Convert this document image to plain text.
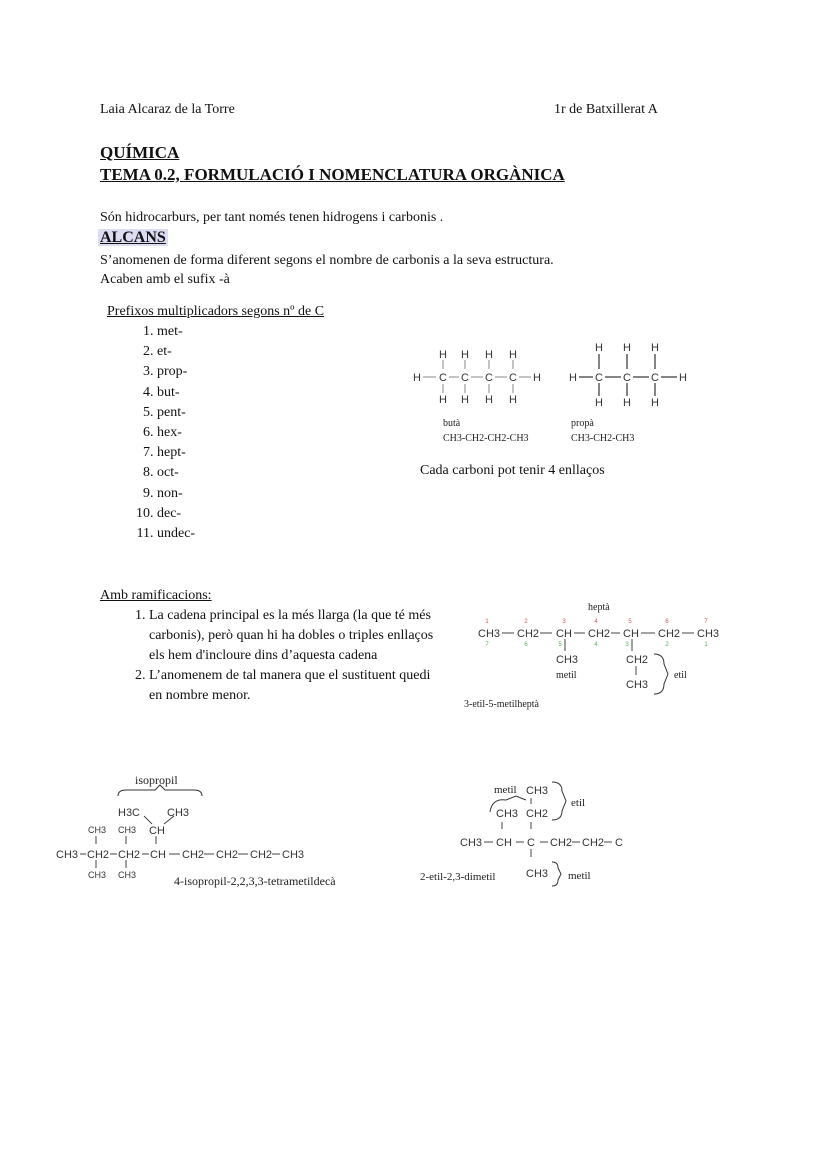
Laia Alcaraz de la Torre	1r de Batxillerat A
QUÍMICA
TEMA 0.2, FORMULACIÓ I NOMENCLATURA ORGÀNICA
Són hidrocarburs, per tant només tenen hidrogens i carbonis .
ALCANS
S’anomenen de forma diferent segons el nombre de carbonis a la seva estructura.
Acaben amb el sufix -à
Prefixos multiplicadors segons nº de C
1. met-
2. et-
3. prop-
4. but-
5. pent-
6. hex-
7. hept-
8. oct-
9. non-
10. dec-
11. undec-
H H H H
H C C C C H
H H H H
H H H
H C C C H
H H H
butà
CH3-CH2-CH2-CH3
propà
CH3-CH2-CH3
Cada carboni pot tenir 4 enllaços
Amb ramificacions:
1. La cadena principal es la més llarga (la que té més carbonis), però quan hi ha dobles o triples enllaços els hem d'incloure dins d’aquesta cadena
2. L’anomenem de tal manera que el sustituent quedi en nombre menor.
heptà
1	2	3	4	5	6	7
CH3 CH2 CH CH2 CH CH2 CH3
7	6	5	4	3	2	1
CH3	CH2
CH3
metil	etil
3-etil-5-metilheptà
isopropil
H3C CH3
CH
CH3 CH3
CH3 CH3
CH3 CH2 CH2 CH CH2 CH2 CH2 CH3
4-isopropil-2,2,3,3-tetrametildecà
metil CH3
CH3 CH2
etil
CH3 CH C CH2 CH2 C
CH3 metil
2-etil-2,3-dimetil
